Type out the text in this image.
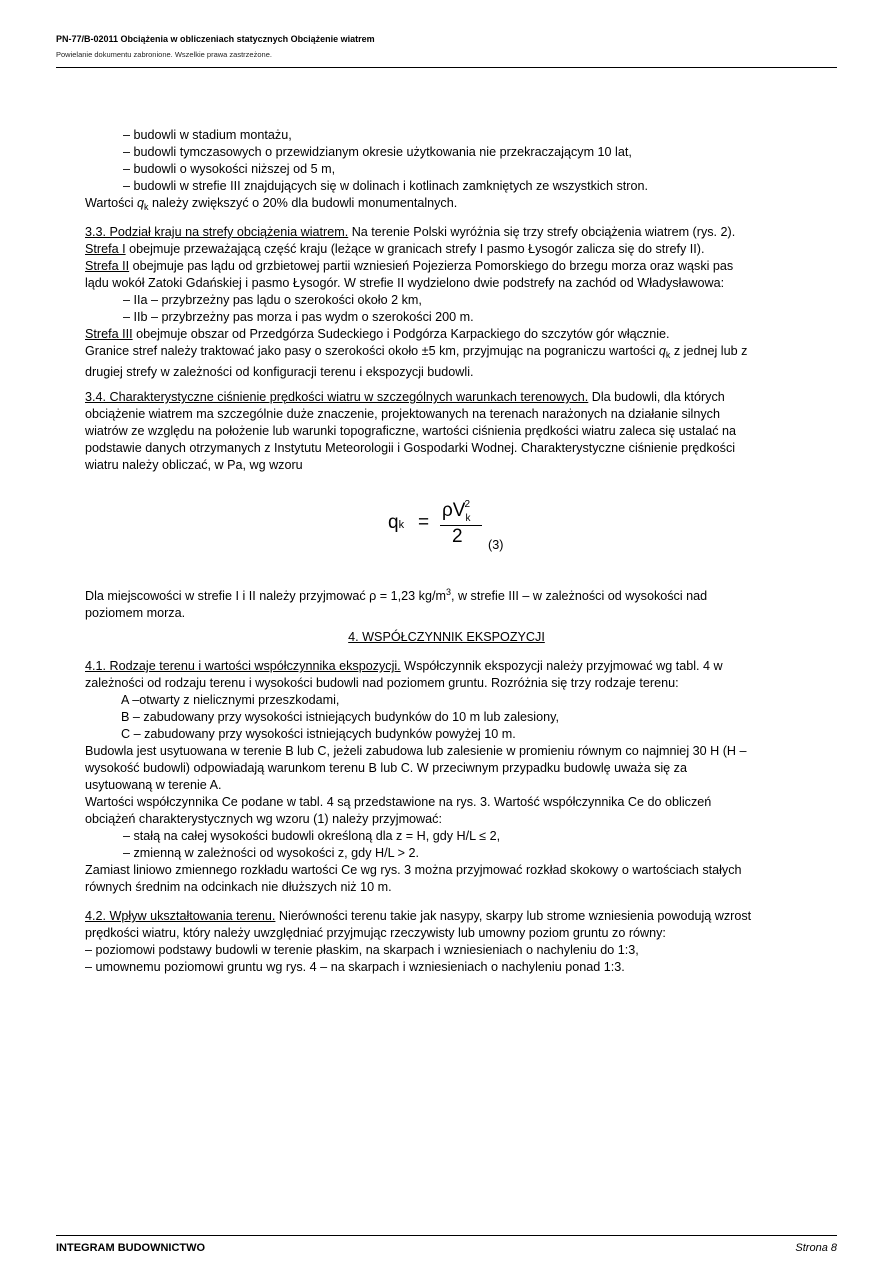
PN-77/B-02011 Obciążenia w obliczeniach statycznych Obciążenie wiatrem
Powielanie dokumentu zabronione. Wszelkie prawa zastrzeżone.
– budowli w stadium montażu,
– budowli tymczasowych o przewidzianym okresie użytkowania nie przekraczającym 10 lat,
– budowli o wysokości niższej od 5 m,
– budowli w strefie III znajdujących się w dolinach i kotlinach zamkniętych ze wszystkich stron.
Wartości $q_k$ należy zwiększyć o 20% dla budowli monumentalnych.
3.3. Podział kraju na strefy obciążenia wiatrem. Na terenie Polski wyróżnia się trzy strefy obciążenia wiatrem (rys. 2).
Strefa I obejmuje przeważającą część kraju (leżące w granicach strefy I pasmo Łysogór zalicza się do strefy II).
Strefa II obejmuje pas lądu od grzbietowej partii wzniesień Pojezierza Pomorskiego do brzegu morza oraz wąski pas
lądu wokół Zatoki Gdańskiej i pasmo Łysogór. W strefie II wydzielono dwie podstrefy na zachód od Władysławowa:
– IIa – przybrzeżny pas lądu o szerokości około 2 km,
– IIb – przybrzeżny pas morza i pas wydm o szerokości 200 m.
Strefa III obejmuje obszar od Przedgórza Sudeckiego i Podgórza Karpackiego do szczytów gór włącznie.
Granice stref należy traktować jako pasy o szerokości około ±5 km, przyjmując na pograniczu wartości $q_k$ z jednej lub z
drugiej strefy w zależności od konfiguracji terenu i ekspozycji budowli.
3.4. Charakterystyczne ciśnienie prędkości wiatru w szczególnych warunkach terenowych. Dla budowli, dla których
obciążenie wiatrem ma szczególnie duże znaczenie, projektowanych na terenach narażonych na działanie silnych
wiatrów ze względu na położenie lub warunki topograficzne, wartości ciśnienia prędkości wiatru zaleca się ustalać na
podstawie danych otrzymanych z Instytutu Meteorologii i Gospodarki Wodnej. Charakterystyczne ciśnienie prędkości
wiatru należy obliczać, w Pa, wg wzoru
qk =
$\rho V_k^2$
2 (3)
Dla miejscowości w strefie I i II należy przyjmować ρ = 1,23 $kg/m^3$, w strefie III – w zależności od wysokości nad
poziomem morza.
4. WSPÓŁCZYNNIK EKSPOZYCJI
4.1. Rodzaje terenu i wartości współczynnika ekspozycji. Współczynnik ekspozycji należy przyjmować wg tabl. 4 w
zależności od rodzaju terenu i wysokości budowli nad poziomem gruntu. Rozróżnia się trzy rodzaje terenu:
A –otwarty z nielicznymi przeszkodami,
B – zabudowany przy wysokości istniejących budynków do 10 m lub zalesiony,
C – zabudowany przy wysokości istniejących budynków powyżej 10 m.
Budowla jest usytuowana w terenie B lub C, jeżeli zabudowa lub zalesienie w promieniu równym co najmniej 30 H (H –
wysokość budowli) odpowiadają warunkom terenu B lub C. W przeciwnym przypadku budowlę uważa się za
usytuowaną w terenie A.
Wartości współczynnika Ce podane w tabl. 4 są przedstawione na rys. 3. Wartość współczynnika Ce do obliczeń
obciążeń charakterystycznych wg wzoru (1) należy przyjmować:
– stałą na całej wysokości budowli określoną dla z = H, gdy H/L ≤ 2,
– zmienną w zależności od wysokości z, gdy H/L > 2.
Zamiast liniowo zmiennego rozkładu wartości Ce wg rys. 3 można przyjmować rozkład skokowy o wartościach stałych
równych średnim na odcinkach nie dłuższych niż 10 m.
4.2. Wpływ ukształtowania terenu. Nierówności terenu takie jak nasypy, skarpy lub strome wzniesienia powodują wzrost
prędkości wiatru, który należy uwzględniać przyjmując rzeczywisty lub umowny poziom gruntu zo równy:
– poziomowi podstawy budowli w terenie płaskim, na skarpach i wzniesieniach o nachyleniu do 1:3,
– umownemu poziomowi gruntu wg rys. 4 – na skarpach i wzniesieniach o nachyleniu ponad 1:3.
INTEGRAM BUDOWNICTWO	Strona 8
